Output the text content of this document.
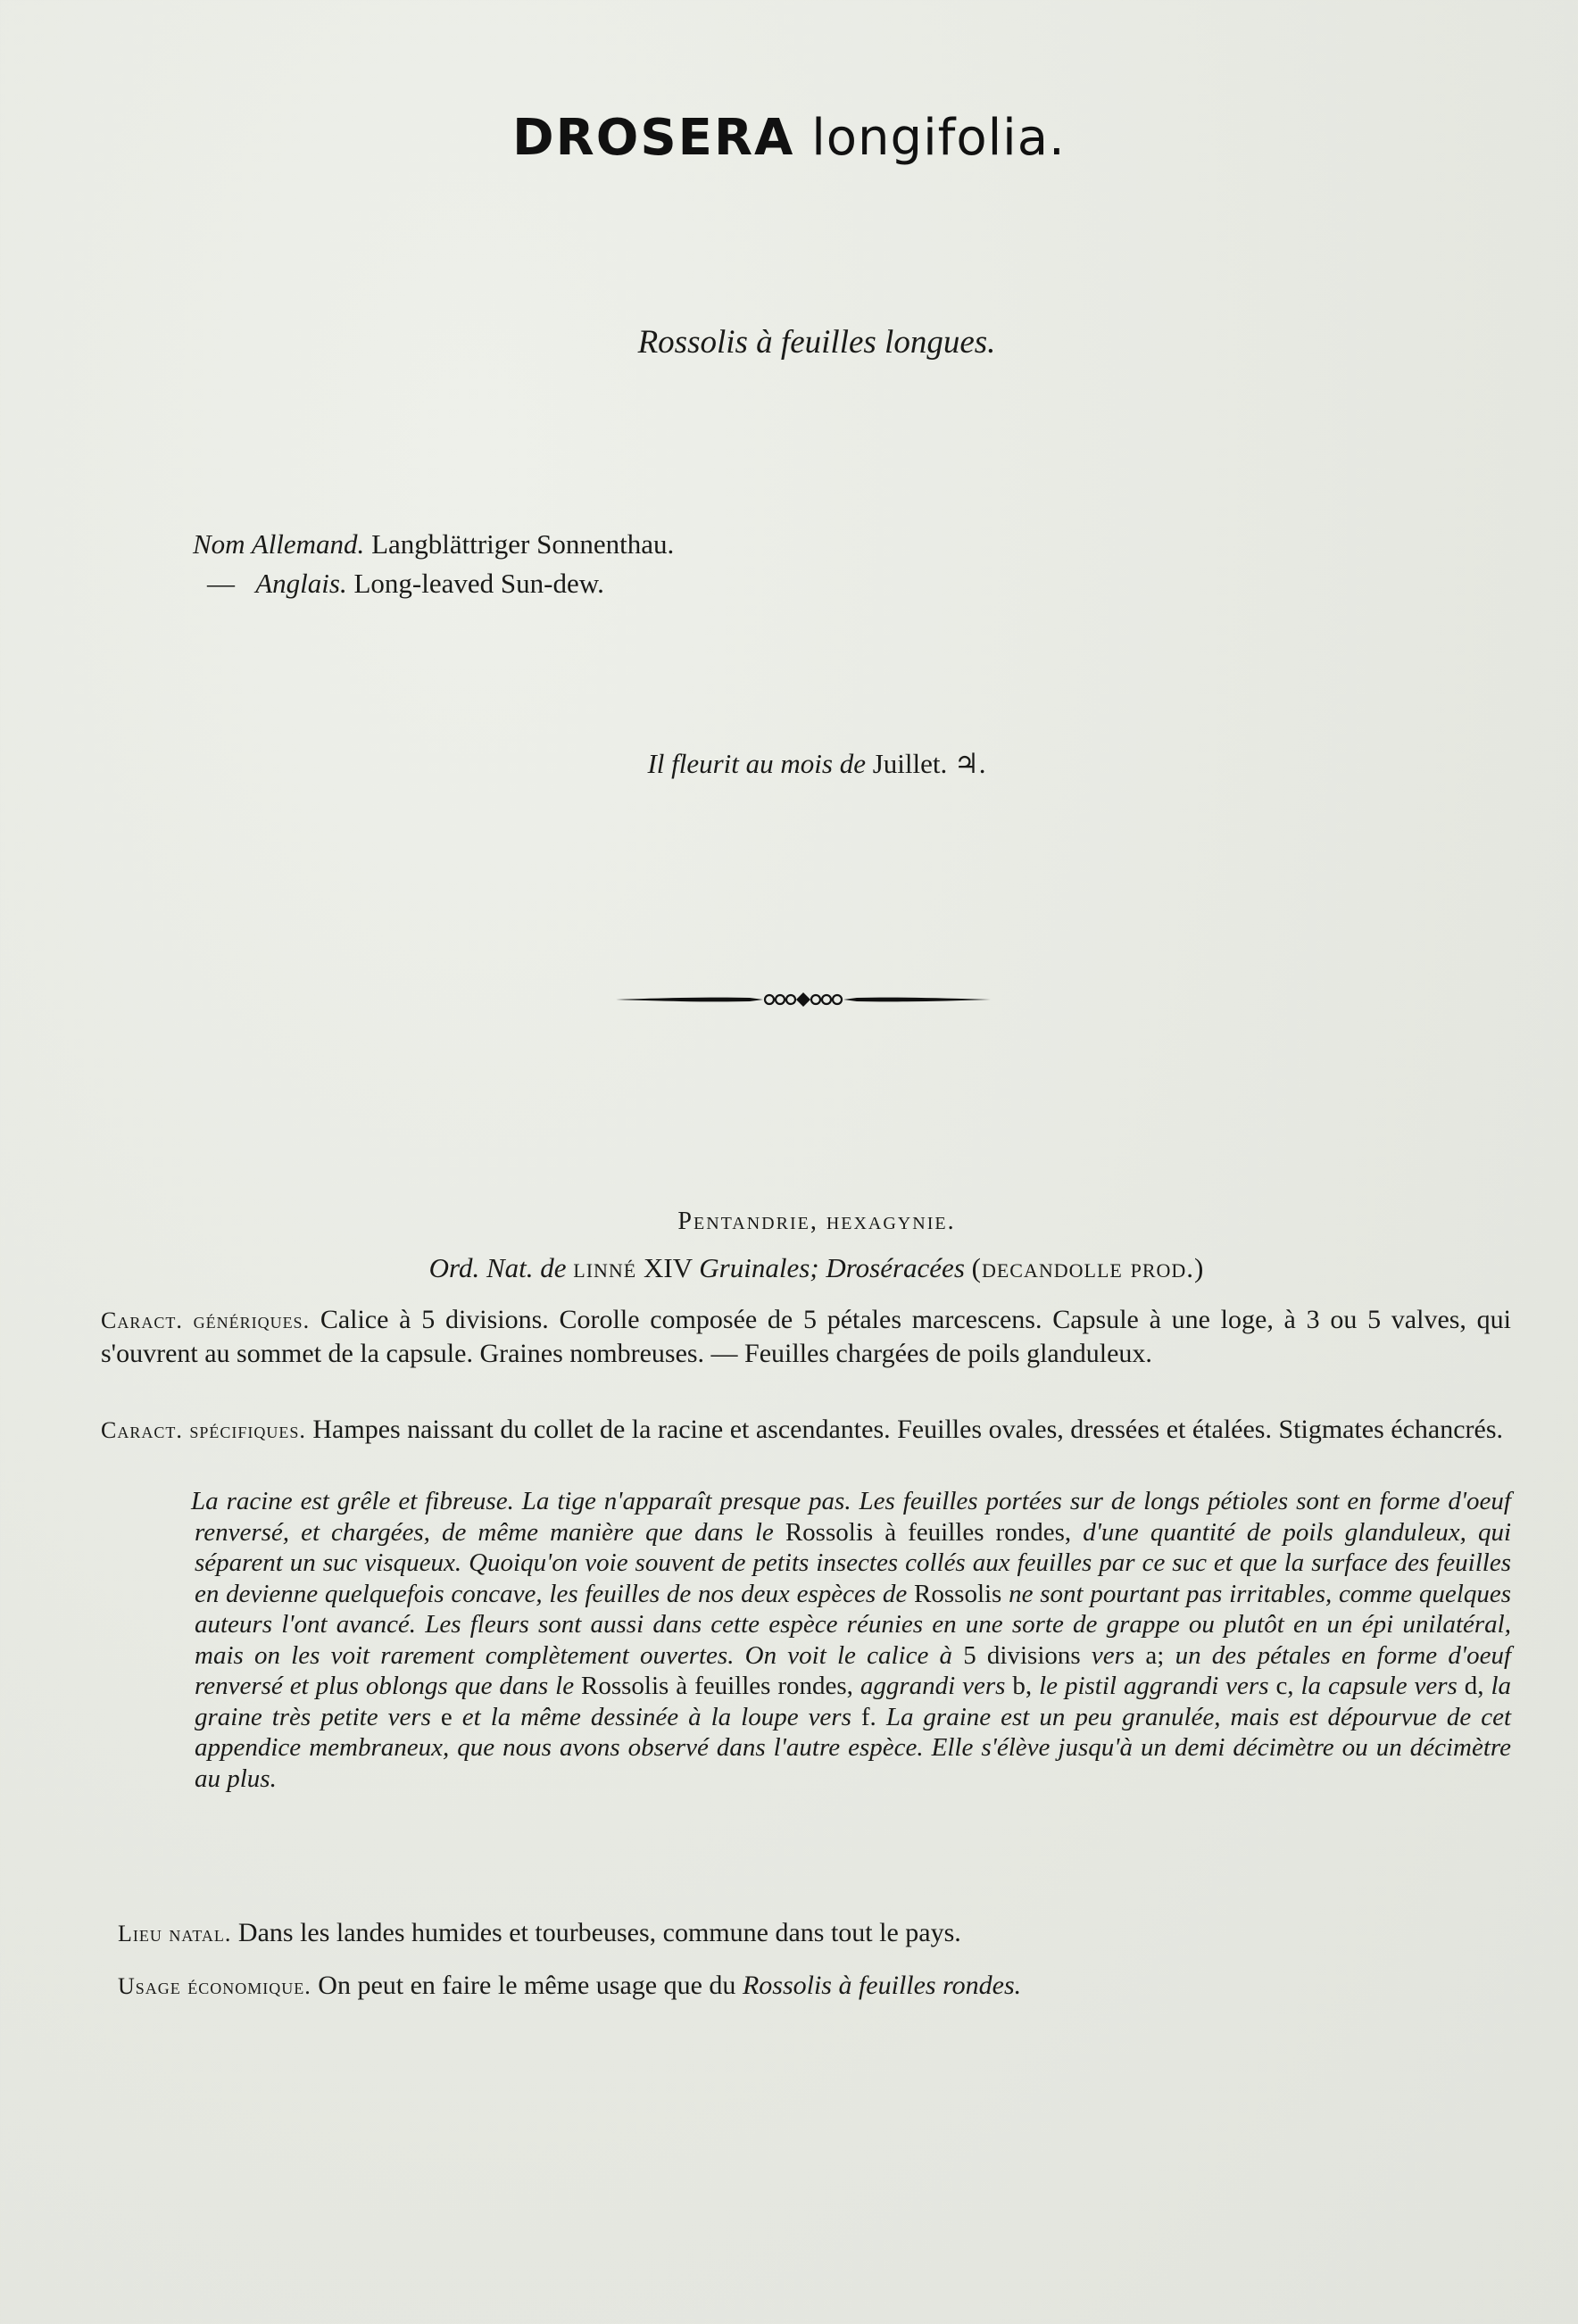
DROSERA longifolia.
Rossolis à feuilles longues.
Nom Allemand. Langblättriger Sonnenthau.
— Anglais. Long-leaved Sun-dew.
Il fleurit au mois de Juillet. ♃.
Pentandrie, hexagynie.
Ord. Nat. de linné XIV Gruinales; Droséracées (decandolle prod.)
Caract. génériques. Calice à 5 divisions. Corolle composée de 5 pétales marcescens. Capsule à une loge, à 3 ou 5 valves, qui s'ouvrent au sommet de la capsule. Graines nombreuses. — Feuilles chargées de poils glanduleux.
Caract. spécifiques. Hampes naissant du collet de la racine et ascendantes. Feuilles ovales, dressées et étalées. Stigmates échancrés.
La racine est grêle et fibreuse. La tige n'apparaît presque pas. Les feuilles portées sur de longs pétioles sont en forme d'oeuf renversé, et chargées, de même manière que dans le Rossolis à feuilles rondes, d'une quantité de poils glanduleux, qui séparent un suc visqueux. Quoiqu'on voie souvent de petits insectes collés aux feuilles par ce suc et que la surface des feuilles en devienne quelquefois concave, les feuilles de nos deux espèces de Rossolis ne sont pourtant pas irritables, comme quelques auteurs l'ont avancé. Les fleurs sont aussi dans cette espèce réunies en une sorte de grappe ou plutôt en un épi unilatéral, mais on les voit rarement complètement ouvertes. On voit le calice à 5 divisions vers a; un des pétales en forme d'oeuf renversé et plus oblongs que dans le Rossolis à feuilles rondes, aggrandi vers b, le pistil aggrandi vers c, la capsule vers d, la graine très petite vers e et la même dessinée à la loupe vers f. La graine est un peu granulée, mais est dépourvue de cet appendice membraneux, que nous avons observé dans l'autre espèce. Elle s'élève jusqu'à un demi décimètre ou un décimètre au plus.
Lieu natal. Dans les landes humides et tourbeuses, commune dans tout le pays.
Usage économique. On peut en faire le même usage que du Rossolis à feuilles rondes.
